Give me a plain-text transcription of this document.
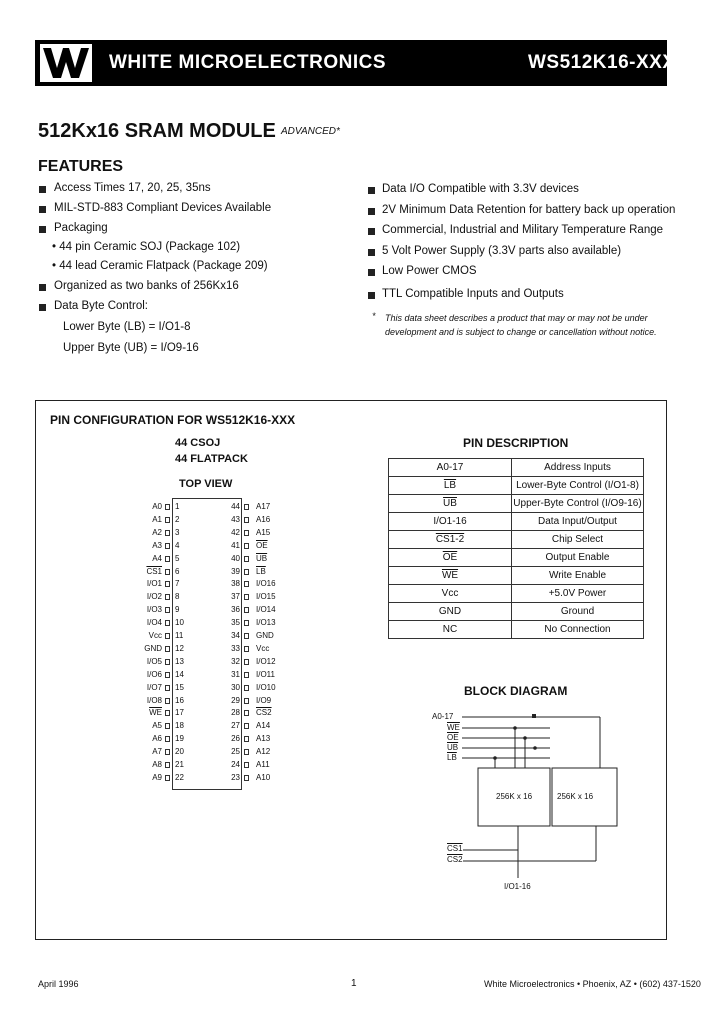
WHITE MICROELECTRONICS	WS512K16-XXX
512Kx16 SRAM MODULE ADVANCED*
FEATURES
Access Times 17, 20, 25, 35ns
MIL-STD-883 Compliant Devices Available
Packaging
• 44 pin Ceramic SOJ (Package 102)
• 44 lead Ceramic Flatpack (Package 209)
Organized as two banks of 256Kx16
Data Byte Control:
Lower Byte (LB) = I/O1-8
Upper Byte (UB) = I/O9-16
Data I/O Compatible with 3.3V devices
2V Minimum Data Retention for battery back up operation
Commercial, Industrial and Military Temperature Range
5 Volt Power Supply (3.3V parts also available)
Low Power CMOS
TTL Compatible Inputs and Outputs
* This data sheet describes a product that may or may not be under
development and is subject to change or cancellation without notice.
PIN CONFIGURATION FOR WS512K16-XXX
44 CSOJ
44 FLATPACK
TOP VIEW
A0 1
A1 2
A2 3
A3 4
A4 5
CS1 6
I/O1 7
I/O2 8
I/O3 9
I/O4 10
Vcc 11
GND 12
I/O5 13
I/O6 14
I/O7 15
I/O8 16
$\overline{WE}$ 17
A5 18
A6 19
A7 20
A8 21
A9 22
44 A17
43 A16
42 A15
41 $\overline{OE}$
40 $\overline{UB}$
39 $\overline{LB}$
38 I/O16
37 I/O15
36 I/O14
35 I/O13
34 GND
33 Vcc
32 I/O12
31 I/O11
30 I/O10
29 I/O9
28 CS2
27 A14
26 A13
25 A12
24 A11
23 A10
PIN DESCRIPTION
A0-17	Address Inputs
$\overline{LB}$	Lower-Byte Control (I/O1-8)
$\overline{UB}$	Upper-Byte Control (I/O9-16)
I/O1-16	Data Input/Output
CS1-2	Chip Select
$\overline{OE}$	Output Enable
$\overline{WE}$	Write Enable
Vcc	+5.0V Power
GND	Ground
NC	No Connection
BLOCK DIAGRAM
A0-17
$\overline{WE}$
$\overline{OE}$
$\overline{UB}$
$\overline{LB}$
256K x 16	256K x 16
CS1
CS2
I/O1-16
April 1996	1	White Microelectronics • Phoenix, AZ • (602) 437-1520
